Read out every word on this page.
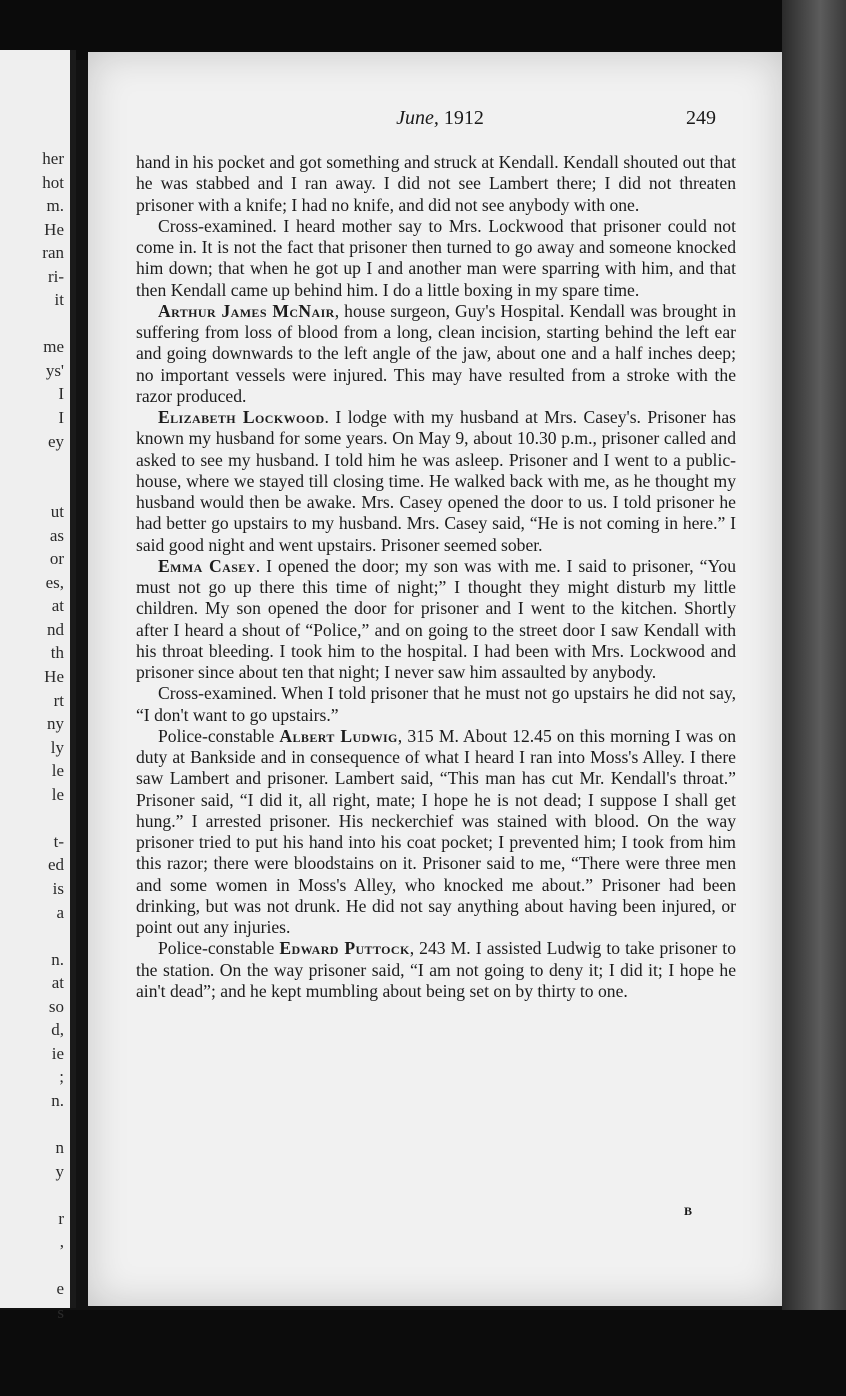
her
hot
m.
He
ran
ri-
it
me
ys'
I
I
ey
ut
as
or
es,
at
nd
th
He
rt
ny
ly
le
le
t-
ed
is
a
n.
at
so
d,
ie
;
n.
n
y
r
,
e
s
June, 1912	249

hand in his pocket and got something and struck at Kendall. Kendall shouted out that he was stabbed and I ran away. I did not see Lambert there; I did not threaten prisoner with a knife; I had no knife, and did not see anybody with one.

Cross-examined. I heard mother say to Mrs. Lockwood that prisoner could not come in. It is not the fact that prisoner then turned to go away and someone knocked him down; that when he got up I and another man were sparring with him, and that then Kendall came up behind him. I do a little boxing in my spare time.

Arthur James McNair, house surgeon, Guy's Hospital. Kendall was brought in suffering from loss of blood from a long, clean incision, starting behind the left ear and going downwards to the left angle of the jaw, about one and a half inches deep; no important vessels were injured. This may have resulted from a stroke with the razor produced.

Elizabeth Lockwood. I lodge with my husband at Mrs. Casey's. Prisoner has known my husband for some years. On May 9, about 10.30 p.m., prisoner called and asked to see my husband. I told him he was asleep. Prisoner and I went to a public-house, where we stayed till closing time. He walked back with me, as he thought my husband would then be awake. Mrs. Casey opened the door to us. I told prisoner he had better go upstairs to my husband. Mrs. Casey said, “He is not coming in here.” I said good night and went upstairs. Prisoner seemed sober.

Emma Casey. I opened the door; my son was with me. I said to prisoner, “You must not go up there this time of night;” I thought they might disturb my little children. My son opened the door for prisoner and I went to the kitchen. Shortly after I heard a shout of “Police,” and on going to the street door I saw Kendall with his throat bleeding. I took him to the hospital. I had been with Mrs. Lockwood and prisoner since about ten that night; I never saw him assaulted by anybody.

Cross-examined. When I told prisoner that he must not go upstairs he did not say, “I don't want to go upstairs.”

Police-constable Albert Ludwig, 315 M. About 12.45 on this morning I was on duty at Bankside and in consequence of what I heard I ran into Moss's Alley. I there saw Lambert and prisoner. Lambert said, “This man has cut Mr. Kendall's throat.” Prisoner said, “I did it, all right, mate; I hope he is not dead; I suppose I shall get hung.” I arrested prisoner. His neckerchief was stained with blood. On the way prisoner tried to put his hand into his coat pocket; I prevented him; I took from him this razor; there were bloodstains on it. Prisoner said to me, “There were three men and some women in Moss's Alley, who knocked me about.” Prisoner had been drinking, but was not drunk. He did not say anything about having been injured, or point out any injuries.

Police-constable Edward Puttock, 243 M. I assisted Ludwig to take prisoner to the station. On the way prisoner said, “I am not going to deny it; I did it; I hope he ain't dead”; and he kept mumbling about being set on by thirty to one.

B
